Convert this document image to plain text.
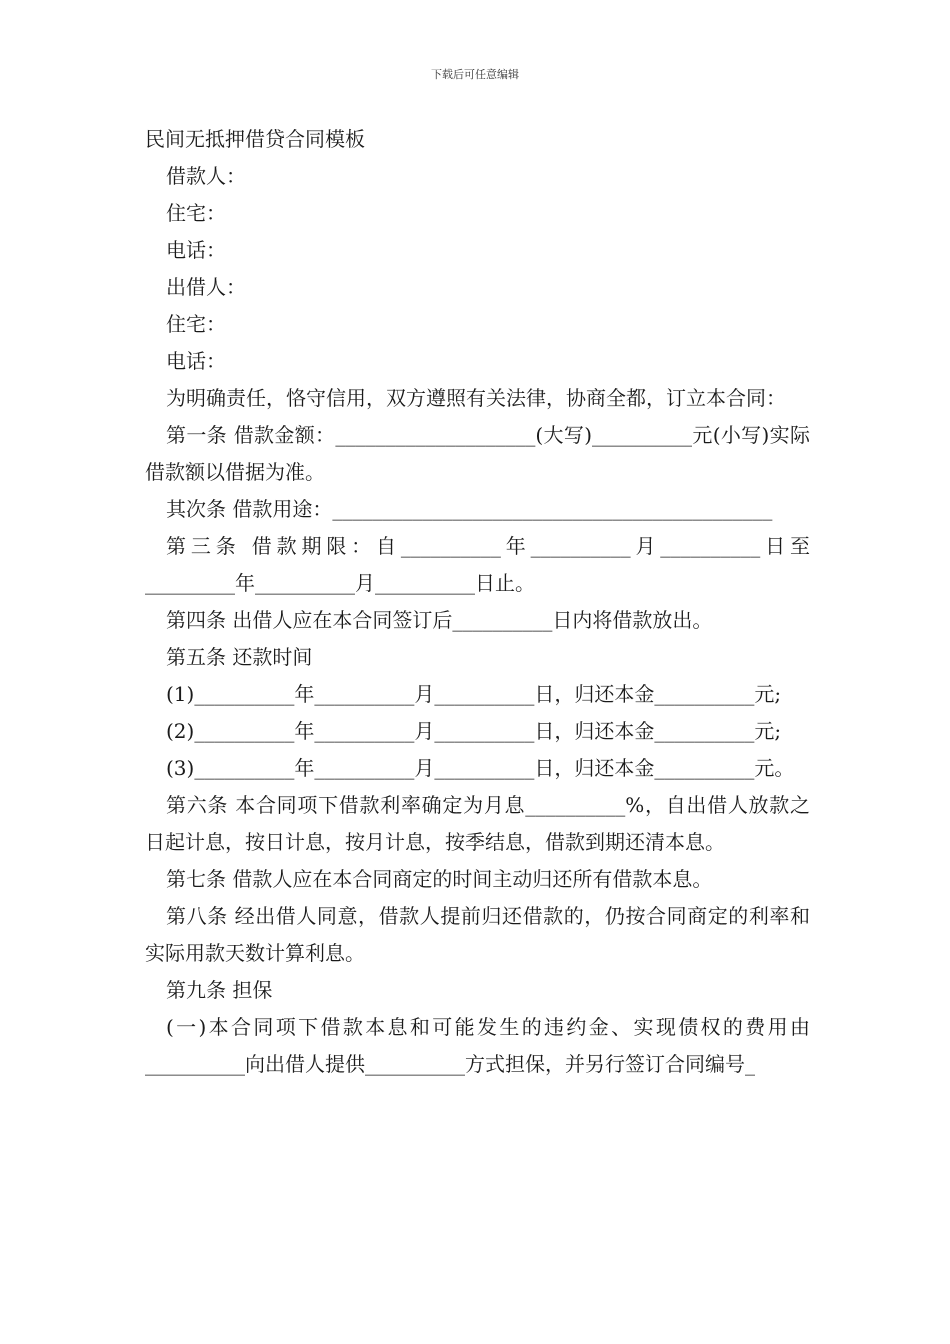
下载后可任意编辑
民间无抵押借贷合同模板

借款人：

住宅：

电话：

出借人：

住宅：

电话：

为明确责任，恪守信用，双方遵照有关法律，协商全都，订立本合同：

第一条 借款金额：____________________(大写)__________元(小写)实际借款额以借据为准。

其次条 借款用途：____________________________________________

第三条 借款期限：自__________年__________月__________日至_________年__________月__________日止。

第四条 出借人应在本合同签订后__________日内将借款放出。

第五条 还款时间

(1)__________年__________月__________日，归还本金__________元;

(2)__________年__________月__________日，归还本金__________元;

(3)__________年__________月__________日，归还本金__________元。

第六条 本合同项下借款利率确定为月息__________%，自出借人放款之日起计息，按日计息，按月计息，按季结息，借款到期还清本息。

第七条 借款人应在本合同商定的时间主动归还所有借款本息。

第八条 经出借人同意，借款人提前归还借款的，仍按合同商定的利率和实际用款天数计算利息。

第九条 担保

(一)本合同项下借款本息和可能发生的违约金、实现债权的费用由__________向出借人提供__________方式担保，并另行签订合同编号_
